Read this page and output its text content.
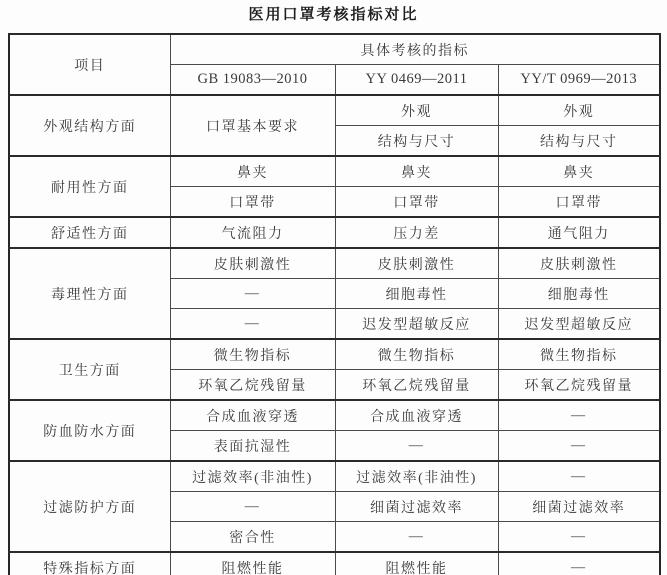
医用口罩考核指标对比
项目	具体考核的指标		
	GB 19083—2010	YY 0469—2011	YY/T 0969—2013
外观结构方面	口罩基本要求	外观	外观
		结构与尺寸	结构与尺寸
耐用性方面	鼻夹	鼻夹	鼻夹
	口罩带	口罩带	口罩带
舒适性方面	气流阻力	压力差	通气阻力
毒理性方面	皮肤刺激性	皮肤刺激性	皮肤刺激性
	—	细胞毒性	细胞毒性
	—	迟发型超敏反应	迟发型超敏反应
卫生方面	微生物指标	微生物指标	微生物指标
	环氧乙烷残留量	环氧乙烷残留量	环氧乙烷残留量
防血防水方面	合成血液穿透	合成血液穿透	—
	表面抗湿性	—	—
过滤防护方面	过滤效率(非油性)	过滤效率(非油性)	—
	—	细菌过滤效率	细菌过滤效率
	密合性	—	—
特殊指标方面	阻燃性能	阻燃性能	—
